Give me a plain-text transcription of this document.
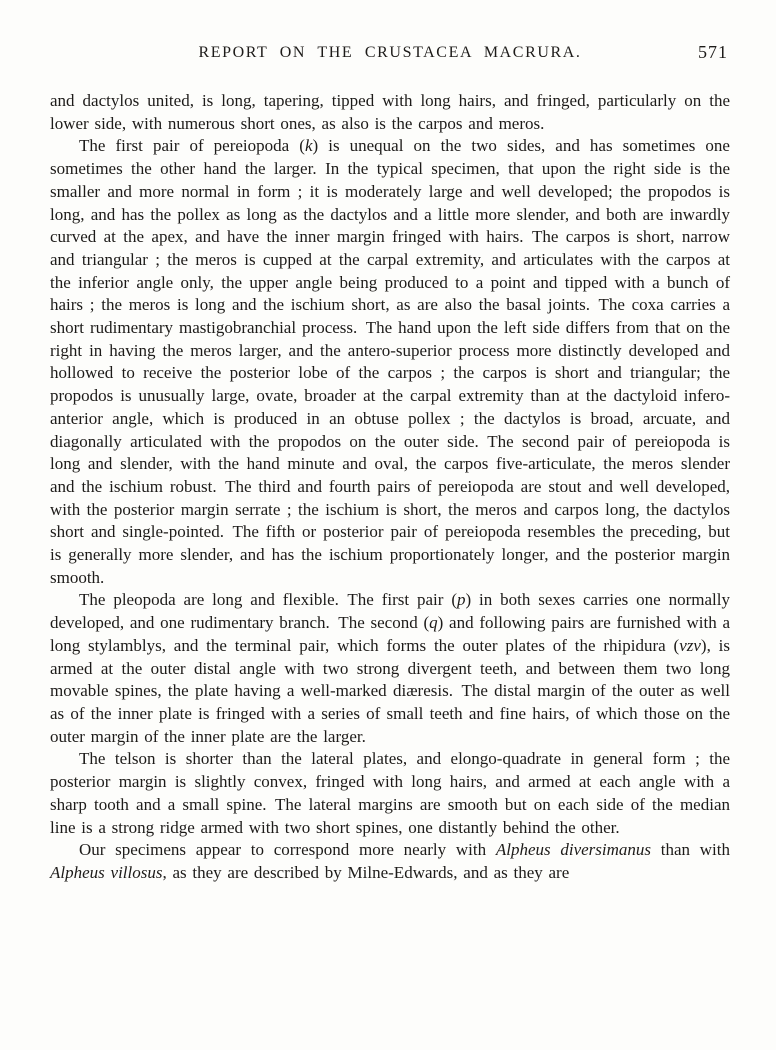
REPORT ON THE CRUSTACEA MACRURA.	571

and dactylos united, is long, tapering, tipped with long hairs, and fringed, particularly on the lower side, with numerous short ones, as also is the carpos and meros.

The first pair of pereiopoda (k) is unequal on the two sides, and has sometimes one sometimes the other hand the larger. In the typical specimen, that upon the right side is the smaller and more normal in form ; it is moderately large and well developed; the propodos is long, and has the pollex as long as the dactylos and a little more slender, and both are inwardly curved at the apex, and have the inner margin fringed with hairs. The carpos is short, narrow and triangular ; the meros is cupped at the carpal extremity, and articulates with the carpos at the inferior angle only, the upper angle being produced to a point and tipped with a bunch of hairs ; the meros is long and the ischium short, as are also the basal joints. The coxa carries a short rudimentary mastigobranchial process. The hand upon the left side differs from that on the right in having the meros larger, and the antero-superior process more distinctly developed and hollowed to receive the posterior lobe of the carpos ; the carpos is short and triangular; the propodos is unusually large, ovate, broader at the carpal extremity than at the dactyloid infero-anterior angle, which is produced in an obtuse pollex ; the dactylos is broad, arcuate, and diagonally articulated with the propodos on the outer side. The second pair of pereiopoda is long and slender, with the hand minute and oval, the carpos five-articulate, the meros slender and the ischium robust. The third and fourth pairs of pereiopoda are stout and well developed, with the posterior margin serrate ; the ischium is short, the meros and carpos long, the dactylos short and single-pointed. The fifth or posterior pair of pereiopoda resembles the preceding, but is generally more slender, and has the ischium proportionately longer, and the posterior margin smooth.

The pleopoda are long and flexible. The first pair (p) in both sexes carries one normally developed, and one rudimentary branch. The second (q) and following pairs are furnished with a long stylamblys, and the terminal pair, which forms the outer plates of the rhipidura (vzv), is armed at the outer distal angle with two strong divergent teeth, and between them two long movable spines, the plate having a well-marked diæresis. The distal margin of the outer as well as of the inner plate is fringed with a series of small teeth and fine hairs, of which those on the outer margin of the inner plate are the larger.

The telson is shorter than the lateral plates, and elongo-quadrate in general form ; the posterior margin is slightly convex, fringed with long hairs, and armed at each angle with a sharp tooth and a small spine. The lateral margins are smooth but on each side of the median line is a strong ridge armed with two short spines, one distantly behind the other.

Our specimens appear to correspond more nearly with Alpheus diversimanus than with Alpheus villosus, as they are described by Milne-Edwards, and as they are
